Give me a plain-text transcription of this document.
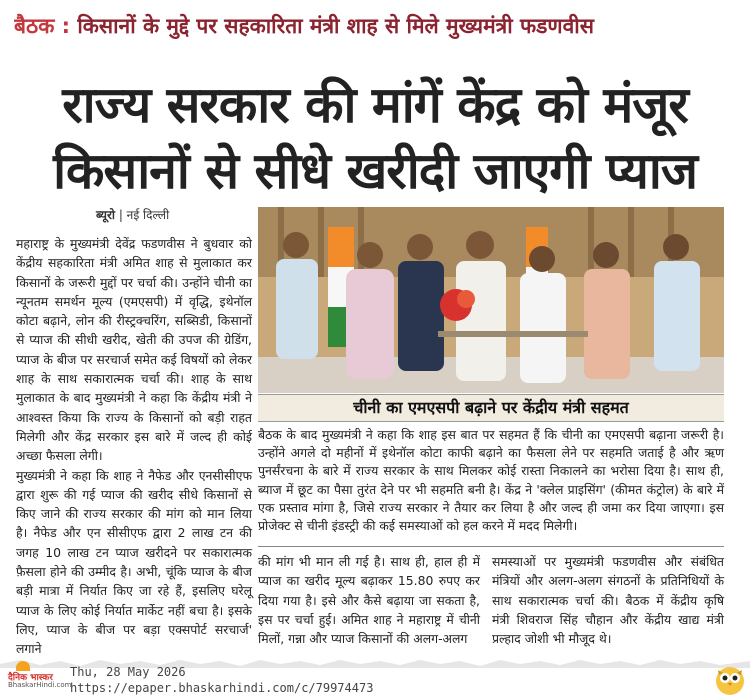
बैठक : किसानों के मुद्दे पर सहकारिता मंत्री शाह से मिले मुख्यमंत्री फडणवीस
राज्य सरकार की मांगें केंद्र को मंजूर
किसानों से सीधे खरीदी जाएगी प्याज
ब्यूरो | नई दिल्ली

महाराष्ट्र के मुख्यमंत्री देवेंद्र फडणवीस ने बुधवार को केंद्रीय सहकारिता मंत्री अमित शाह से मुलाकात कर किसानों के जरूरी मुद्दों पर चर्चा की। उन्होंने चीनी का न्यूनतम समर्थन मूल्य (एमएसपी) में वृद्धि, इथेनॉल कोटा बढ़ाने, लोन की रीस्ट्रक्चरिंग, सब्सिडी, किसानों से प्याज की सीधी खरीद, खेती की उपज की ग्रेडिंग, प्याज के बीज पर सरचार्ज समेत कई विषयों को लेकर शाह के साथ सकारात्मक चर्चा की। शाह के साथ मुलाकात के बाद मुख्यमंत्री ने कहा कि केंद्रीय मंत्री ने आश्वस्त किया कि राज्य के किसानों को बड़ी राहत मिलेगी और केंद्र सरकार इस बारे में जल्द ही कोई अच्छा फैसला लेगी।

मुख्यमंत्री ने कहा कि शाह ने नैफेड और एनसीसीएफ द्वारा शुरू की गई प्याज की खरीद सीधे किसानों से किए जाने की राज्य सरकार की मांग को मान लिया है। नैफेड और एन सीसीएफ द्वारा 2 लाख टन की जगह 10 लाख टन प्याज खरीदने पर सकारात्मक फ़ैसला होने की उम्मीद है। अभी, चूंकि प्याज के बीज बड़ी मात्रा में निर्यात किए जा रहे हैं, इसलिए घरेलू प्याज के लिए कोई निर्यात मार्केट नहीं बचा है। इसके लिए, प्याज के बीज पर बड़ा एक्सपोर्ट सरचार्ज' लगाने

चीनी का एमएसपी बढ़ाने पर केंद्रीय मंत्री सहमत
बैठक के बाद मुख्यमंत्री ने कहा कि शाह इस बात पर सहमत हैं कि चीनी का एमएसपी बढ़ाना जरूरी है। उन्होंने अगले दो महीनों में इथेनॉल कोटा काफी बढ़ाने का फैसला लेने पर सहमति जताई है और ऋण पुनर्संरचना के बारे में राज्य सरकार के साथ मिलकर कोई रास्ता निकालने का भरोसा दिया है। साथ ही, ब्याज में छूट का पैसा तुरंत देने पर भी सहमति बनी है। केंद्र ने 'क्लेल प्राइसिंग' (कीमत कंट्रोल) के बारे में एक प्रस्ताव मांगा है, जिसे राज्य सरकार ने तैयार कर लिया है और जल्द ही जमा कर दिया जाएगा। इस प्रोजेक्ट से चीनी इंडस्ट्री की कई समस्याओं को हल करने में मदद मिलेगी।
की मांग भी मान ली गई है। साथ ही, हाल ही में प्याज का खरीद मूल्य बढ़ाकर 15.80 रुपए कर दिया गया है। इसे और कैसे बढ़ाया जा सकता है, इस पर चर्चा हुई। अमित शाह ने महाराष्ट्र में चीनी मिलों, गन्ना और प्याज किसानों की अलग-अलग
समस्याओं पर मुख्यमंत्री फडणवीस और संबंधित मंत्रियों और अलग-अलग संगठनों के प्रतिनिधियों के साथ सकारात्मक चर्चा की। बैठक में केंद्रीय कृषि मंत्री शिवराज सिंह चौहान और केंद्रीय खाद्य मंत्री प्रल्हाद जोशी भी मौजूद थे।
दैनिक भास्कर
BhaskarHindi.com
Thu, 28 May 2026
https://epaper.bhaskarhindi.com/c/79974473
